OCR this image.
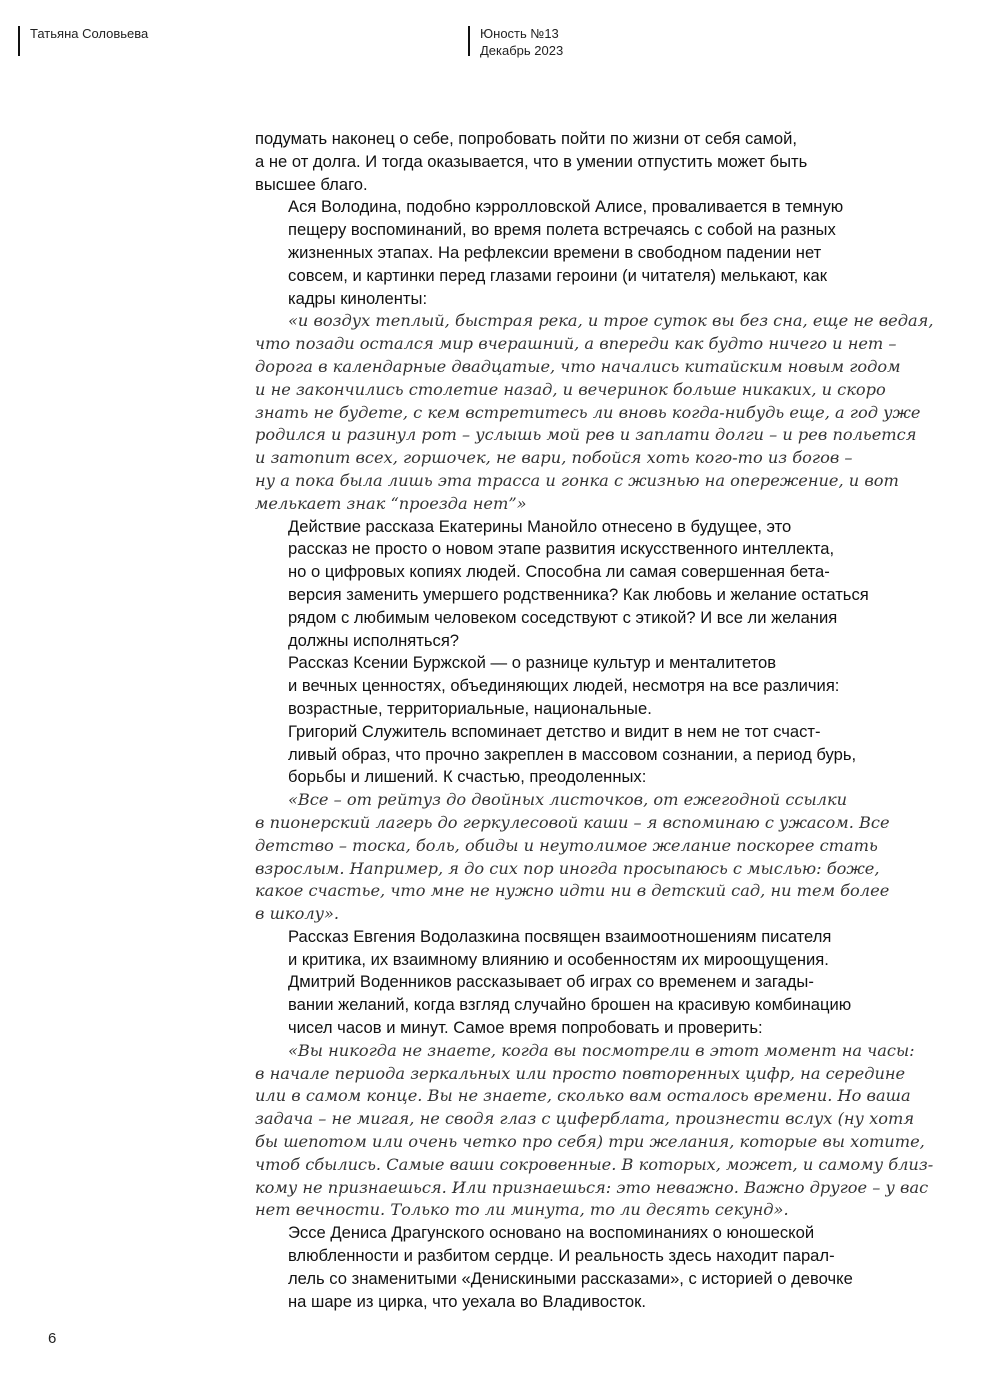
Татьяна Соловьева	Юность №13
Декабрь 2023

подумать наконец о себе, попробовать пойти по жизни от себя самой,
а не от долга. И тогда оказывается, что в умении отпустить может быть
высшее благо.

Ася Володина, подобно кэрролловской Алисе, проваливается в темную
пещеру воспоминаний, во время полета встречаясь с собой на разных
жизненных этапах. На рефлексии времени в свободном падении нет
совсем, и картинки перед глазами героини (и читателя) мелькают, как
кадры киноленты:

«и воздух теплый, быстрая река, и трое суток вы без сна, еще не ведая,
что позади остался мир вчерашний, а впереди как будто ничего и нет –
дорога в календарные двадцатые, что начались китайским новым годом
и не закончились столетие назад, и вечеринок больше никаких, и скоро
знать не будете, с кем встретитесь ли вновь когда-нибудь еще, а год уже
родился и разинул рот – услышь мой рев и заплати долги – и рев польется
и затопит всех, горшочек, не вари, побойся хоть кого-то из богов –
ну а пока была лишь эта трасса и гонка с жизнью на опережение, и вот
мелькает знак “проезда нет”»

Действие рассказа Екатерины Манойло отнесено в будущее, это
рассказ не просто о новом этапе развития искусственного интеллекта,
но о цифровых копиях людей. Способна ли самая совершенная бета-
версия заменить умершего родственника? Как любовь и желание остаться
рядом с любимым человеком соседствуют с этикой? И все ли желания
должны исполняться?

Рассказ Ксении Буржской — о разнице культур и менталитетов
и вечных ценностях, объединяющих людей, несмотря на все различия:
возрастные, территориальные, национальные.

Григорий Служитель вспоминает детство и видит в нем не тот счаст-
ливый образ, что прочно закреплен в массовом сознании, а период бурь,
борьбы и лишений. К счастью, преодоленных:

«Все – от рейтуз до двойных листочков, от ежегодной ссылки
в пионерский лагерь до геркулесовой каши – я вспоминаю с ужасом. Все
детство – тоска, боль, обиды и неутолимое желание поскорее стать
взрослым. Например, я до сих пор иногда просыпаюсь с мыслью: боже,
какое счастье, что мне не нужно идти ни в детский сад, ни тем более
в школу».

Рассказ Евгения Водолазкина посвящен взаимоотношениям писателя
и критика, их взаимному влиянию и особенностям их мироощущения.

Дмитрий Воденников рассказывает об играх со временем и загады-
вании желаний, когда взгляд случайно брошен на красивую комбинацию
чисел часов и минут. Самое время попробовать и проверить:

«Вы никогда не знаете, когда вы посмотрели в этот момент на часы:
в начале периода зеркальных или просто повторенных цифр, на середине
или в самом конце. Вы не знаете, сколько вам осталось времени. Но ваша
задача – не мигая, не сводя глаз с циферблата, произнести вслух (ну хотя
бы шепотом или очень четко про себя) три желания, которые вы хотите,
чтоб сбылись. Самые ваши сокровенные. В которых, может, и самому близ-
кому не признаешься. Или признаешься: это неважно. Важно другое – у вас
нет вечности. Только то ли минута, то ли десять секунд».

Эссе Дениса Драгунского основано на воспоминаниях о юношеской
влюбленности и разбитом сердце. И реальность здесь находит парал-
лель со знаменитыми «Денискиными рассказами», с историей о девочке
на шаре из цирка, что уехала во Владивосток.

6
